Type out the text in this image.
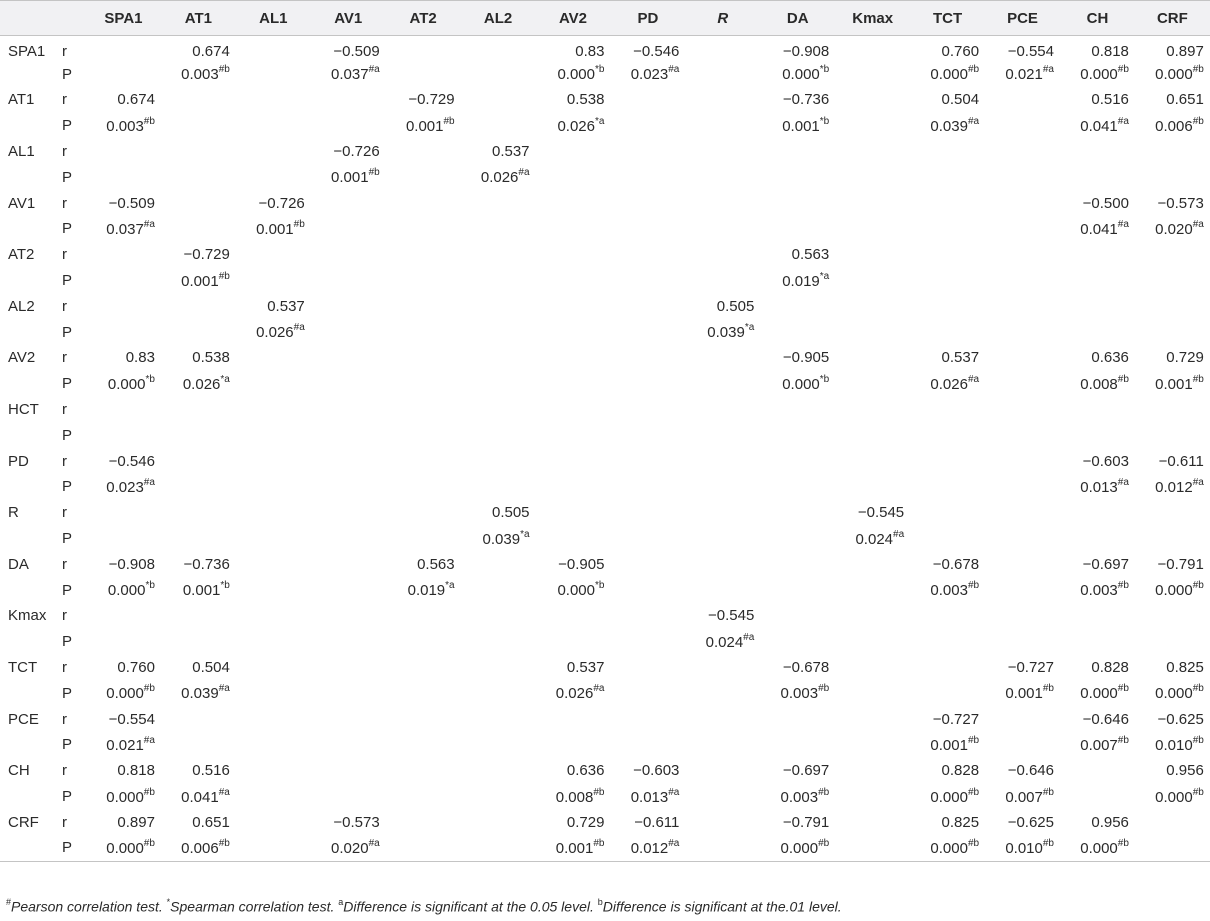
		SPA1	AT1	AL1	AV1	AT2	AL2	AV2	PD	R	DA	Kmax	TCT	PCE	CH	CRF
SPA1	r		0.674		−0.509			0.83	−0.546		−0.908		0.760	−0.554	0.818	0.897
	P		0.003$^{\#b}$		0.037$^{\#a}$			0.000$^{*b}$	0.023$^{\#a}$		0.000$^{*b}$		0.000$^{\#b}$	0.021$^{\#a}$	0.000$^{\#b}$	0.000$^{\#b}$
AT1	r	0.674				−0.729		0.538			−0.736		0.504		0.516	0.651
	P	0.003$^{\#b}$				0.001$^{\#b}$		0.026$^{*a}$			0.001$^{*b}$		0.039$^{\#a}$		0.041$^{\#a}$	0.006$^{\#b}$
AL1	r				−0.726		0.537									
	P				0.001$^{\#b}$		0.026$^{\#a}$									
AV1	r	−0.509		−0.726											−0.500	−0.573
	P	0.037$^{\#a}$		0.001$^{\#b}$											0.041$^{\#a}$	0.020$^{\#a}$
AT2	r		−0.729								0.563					
	P		0.001$^{\#b}$								0.019$^{*a}$					
AL2	r			0.537						0.505						
	P			0.026$^{\#a}$						0.039$^{*a}$						
AV2	r	0.83	0.538								−0.905		0.537		0.636	0.729
	P	0.000$^{*b}$	0.026$^{*a}$								0.000$^{*b}$		0.026$^{\#a}$		0.008$^{\#b}$	0.001$^{\#b}$
HCT	r															
	P															
PD	r	−0.546													−0.603	−0.611
	P	0.023$^{\#a}$													0.013$^{\#a}$	0.012$^{\#a}$
R	r						0.505					−0.545				
	P						0.039$^{*a}$					0.024$^{\#a}$				
DA	r	−0.908	−0.736			0.563		−0.905					−0.678		−0.697	−0.791
	P	0.000$^{*b}$	0.001$^{*b}$			0.019$^{*a}$		0.000$^{*b}$					0.003$^{\#b}$		0.003$^{\#b}$	0.000$^{\#b}$
Kmax	r									−0.545						
	P									0.024$^{\#a}$						
TCT	r	0.760	0.504					0.537			−0.678			−0.727	0.828	0.825
	P	0.000$^{\#b}$	0.039$^{\#a}$					0.026$^{\#a}$			0.003$^{\#b}$			0.001$^{\#b}$	0.000$^{\#b}$	0.000$^{\#b}$
PCE	r	−0.554											−0.727		−0.646	−0.625
	P	0.021$^{\#a}$											0.001$^{\#b}$		0.007$^{\#b}$	0.010$^{\#b}$
CH	r	0.818	0.516					0.636	−0.603		−0.697		0.828	−0.646		0.956
	P	0.000$^{\#b}$	0.041$^{\#a}$					0.008$^{\#b}$	0.013$^{\#a}$		0.003$^{\#b}$		0.000$^{\#b}$	0.007$^{\#b}$		0.000$^{\#b}$
CRF	r	0.897	0.651		−0.573			0.729	−0.611		−0.791		0.825	−0.625	0.956	
	P	0.000$^{\#b}$	0.006$^{\#b}$		0.020$^{\#a}$			0.001$^{\#b}$	0.012$^{\#a}$		0.000$^{\#b}$		0.000$^{\#b}$	0.010$^{\#b}$	0.000$^{\#b}$	
#Pearson correlation test. *Spearman correlation test. $^a$Difference is significant at the 0.05 level. $^b$Difference is significant at the.01 level.
